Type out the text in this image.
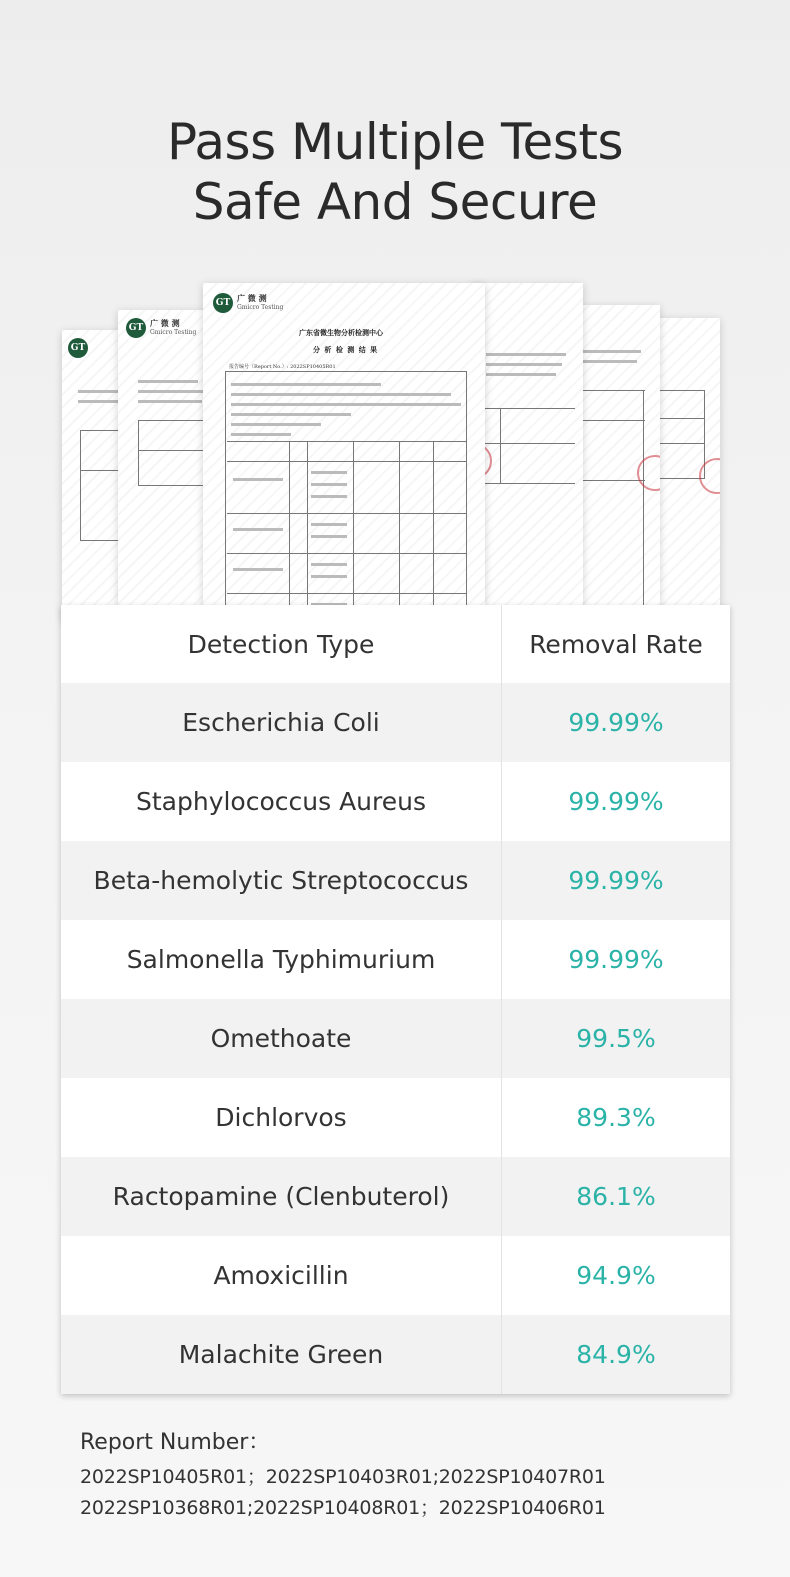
Pass Multiple Tests
Safe And Secure
GT
GT 广 微 测
Gmicro Testing
GT 广 微 测
Gmicro Testing
广东省微生物分析检测中心
分 析 检 测 结 果
报告编号（Report No.）: 2022SP10405R01
Detection Type	Removal Rate
Escherichia Coli	99.99%
Staphylococcus Aureus	99.99%
Beta-hemolytic Streptococcus	99.99%
Salmonella Typhimurium	99.99%
Omethoate	99.5%
Dichlorvos	89.3%
Ractopamine (Clenbuterol)	86.1%
Amoxicillin	94.9%
Malachite Green	84.9%
Report Number：
2022SP10405R01；2022SP10403R01;2022SP10407R01
2022SP10368R01;2022SP10408R01；2022SP10406R01
